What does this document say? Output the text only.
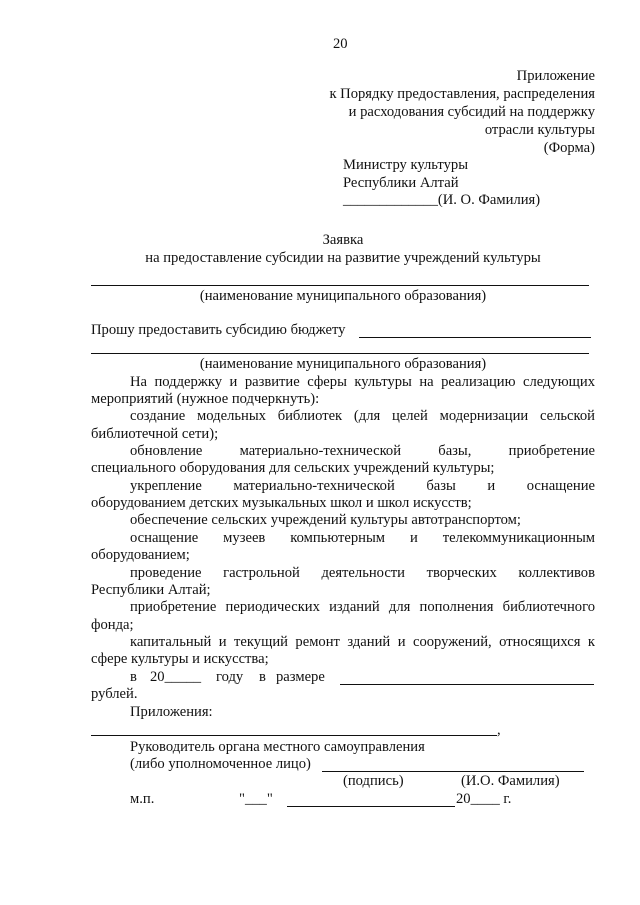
20
Приложение
к Порядку предоставления, распределения
и расходования субсидий на поддержку
отрасли культуры
(Форма)
Министру культуры
Республики Алтай
_____________(И. О. Фамилия)
Заявка
на предоставление субсидии на развитие учреждений культуры
(наименование муниципального образования)
Прошу предоставить субсидию бюджету
(наименование муниципального образования)
На поддержку и развитие сферы культуры на реализацию следующих
мероприятий (нужное подчеркнуть):
создание модельных библиотек (для целей модернизации сельской
библиотечной сети);
обновление материально-технической базы, приобретение
специального оборудования для сельских учреждений культуры;
укрепление материально-технической базы и оснащение
оборудованием детских музыкальных школ и школ искусств;
обеспечение сельских учреждений культуры автотранспортом;
оснащение музеев компьютерным и телекоммуникационным
оборудованием;
проведение гастрольной деятельности творческих коллективов
Республики Алтай;
приобретение периодических изданий для пополнения библиотечного
фонда;
капитальный и текущий ремонт зданий и сооружений, относящихся к
сфере культуры и искусства;
в 20_____ году в размере
рублей.
Приложения:
,
Руководитель органа местного самоуправления
(либо уполномоченное лицо)
(подпись)	(И.О. Фамилия)
м.п.	"___"	20____ г.
